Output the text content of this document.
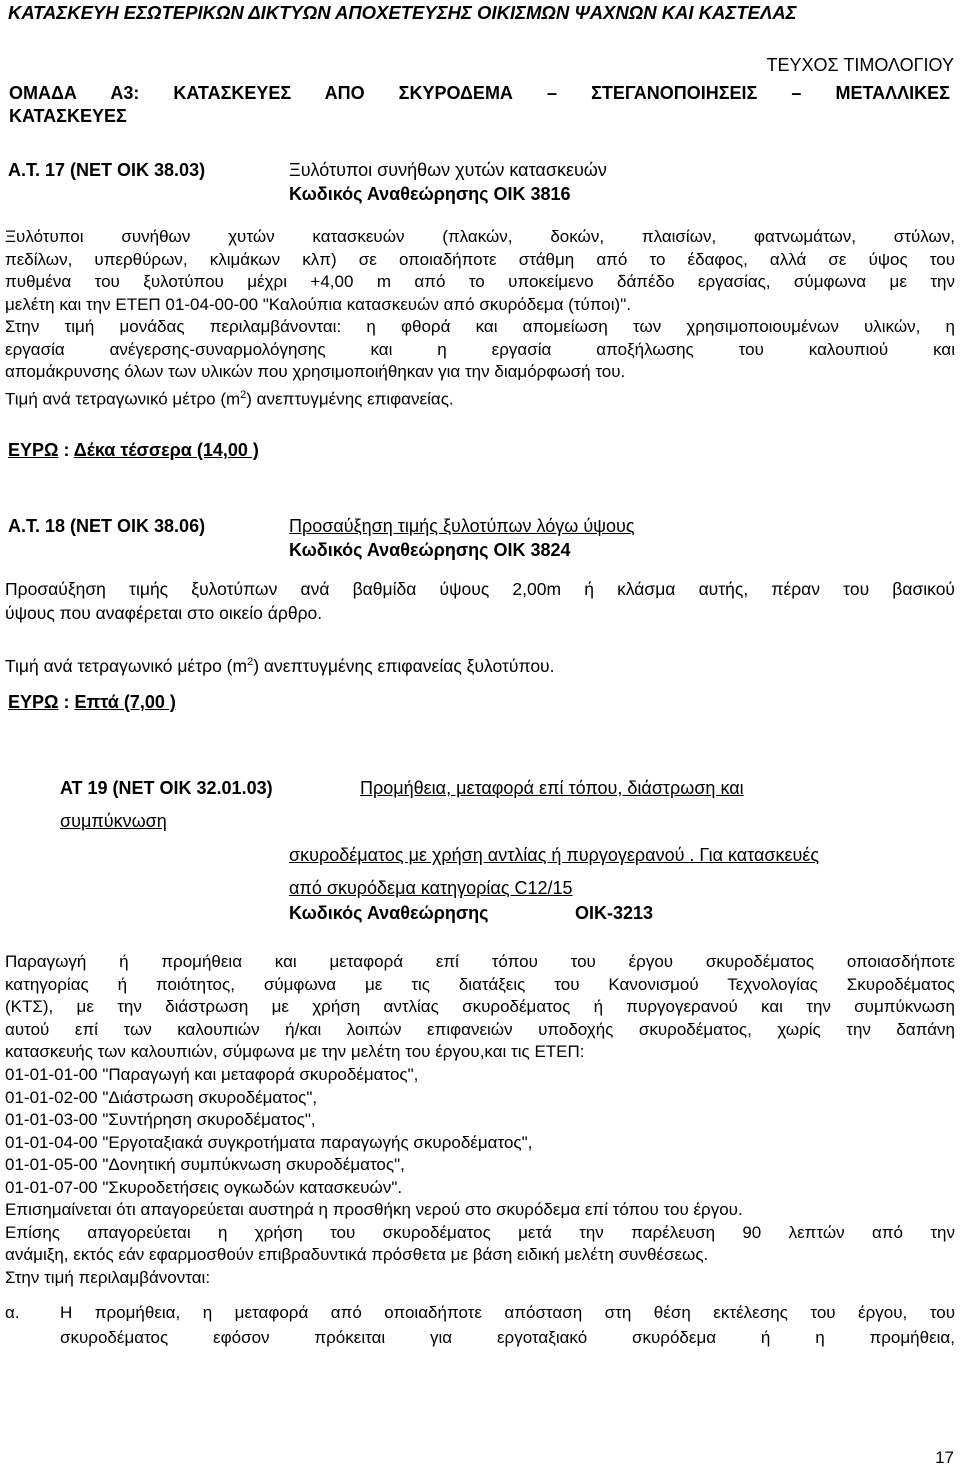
ΚΑΤΑΣΚΕΥΗ ΕΣΩΤΕΡΙΚΩΝ ΔΙΚΤΥΩΝ ΑΠΟΧΕΤΕΥΣΗΣ ΟΙΚΙΣΜΩΝ ΨΑΧΝΩΝ ΚΑΙ ΚΑΣΤΕΛΑΣ
ΤΕΥΧΟΣ ΤΙΜΟΛΟΓΙΟΥ
ΟΜΑΔΑ Α3: ΚΑΤΑΣΚΕΥΕΣ ΑΠΟ ΣΚΥΡΟΔΕΜΑ – ΣΤΕΓΑΝΟΠΟΙΗΣΕΙΣ – ΜΕΤΑΛΛΙΚΕΣ
ΚΑΤΑΣΚΕΥΕΣ
Α.Τ. 17 (ΝΕΤ ΟΙΚ 38.03)	Ξυλότυποι συνήθων χυτών κατασκευών
Κωδικός Αναθεώρησης ΟΙΚ 3816
Ξυλότυποι συνήθων χυτών κατασκευών (πλακών, δοκών, πλαισίων, φατνωμάτων, στύλων,
πεδίλων, υπερθύρων, κλιμάκων κλπ) σε οποιαδήποτε στάθμη από το έδαφος, αλλά σε ύψος του
πυθμένα του ξυλοτύπου μέχρι +4,00 m από το υποκείμενο δάπέδο εργασίας, σύμφωνα με την
μελέτη και την ΕΤΕΠ 01-04-00-00 "Καλούπια κατασκευών από σκυρόδεμα (τύποι)".
Στην τιμή μονάδας περιλαμβάνονται: η φθορά και απομείωση των χρησιμοποιουμένων υλικών, η
εργασία ανέγερσης-συναρμολόγησης και η εργασία αποξήλωσης του καλουπιού και
απομάκρυνσης όλων των υλικών που χρησιμοποιήθηκαν για την διαμόρφωσή του.
Τιμή ανά τετραγωνικό μέτρο $(m^2)$ ανεπτυγμένης επιφανείας.
ΕΥΡΩ : Δέκα τέσσερα (14,00 )
Α.Τ. 18 (ΝΕΤ ΟΙΚ 38.06)	Προσαύξηση τιμής ξυλοτύπων λόγω ύψους
Κωδικός Αναθεώρησης ΟΙΚ 3824
Προσαύξηση τιμής ξυλοτύπων ανά βαθμίδα ύψους 2,00m ή κλάσμα αυτής, πέραν του βασικού
ύψους που αναφέρεται στο οικείο άρθρο.
Τιμή ανά τετραγωνικό μέτρο $(m^2)$ ανεπτυγμένης επιφανείας ξυλοτύπου.
ΕΥΡΩ : Επτά (7,00 )
ΑΤ 19 (ΝΕΤ ΟΙΚ 32.01.03)	Προμήθεια, μεταφορά επί τόπου, διάστρωση και
συμπύκνωση
σκυροδέματος με χρήση αντλίας ή πυργογερανού . Για κατασκευές
από σκυρόδεμα κατηγορίας C12/15
Κωδικός Αναθεώρησης	ΟΙΚ-3213
Παραγωγή ή προμήθεια και μεταφορά επί τόπου του έργου σκυροδέματος οποιασδήποτε
κατηγορίας ή ποιότητος, σύμφωνα με τις διατάξεις του Κανονισμού Τεχνολογίας Σκυροδέματος
(ΚΤΣ), με την διάστρωση με χρήση αντλίας σκυροδέματος ή πυργογερανού και την συμπύκνωση
αυτού επί των καλουπιών ή/και λοιπών επιφανειών υποδοχής σκυροδέματος, χωρίς την δαπάνη
κατασκευής των καλουπιών, σύμφωνα με την μελέτη του έργου,και τις ΕΤΕΠ:
01-01-01-00 "Παραγωγή και μεταφορά σκυροδέματος",
01-01-02-00 "Διάστρωση σκυροδέματος",
01-01-03-00 "Συντήρηση σκυροδέματος",
01-01-04-00 "Εργοταξιακά συγκροτήματα παραγωγής σκυροδέματος",
01-01-05-00 "Δονητική συμπύκνωση σκυροδέματος",
01-01-07-00 "Σκυροδετήσεις ογκωδών κατασκευών".
Επισημαίνεται ότι απαγορεύεται αυστηρά η προσθήκη νερού στο σκυρόδεμα επί τόπου του έργου.
Επίσης απαγορεύεται η χρήση του σκυροδέματος μετά την παρέλευση 90 λεπτών από την
ανάμιξη, εκτός εάν εφαρμοσθούν επιβραδυντικά πρόσθετα με βάση ειδική μελέτη συνθέσεως.
Στην τιμή περιλαμβάνονται:
α. Η προμήθεια, η μεταφορά από οποιαδήποτε απόσταση στη θέση εκτέλεσης του έργου, του
σκυροδέματος εφόσον πρόκειται για εργοταξιακό σκυρόδεμα ή η προμήθεια,
17
